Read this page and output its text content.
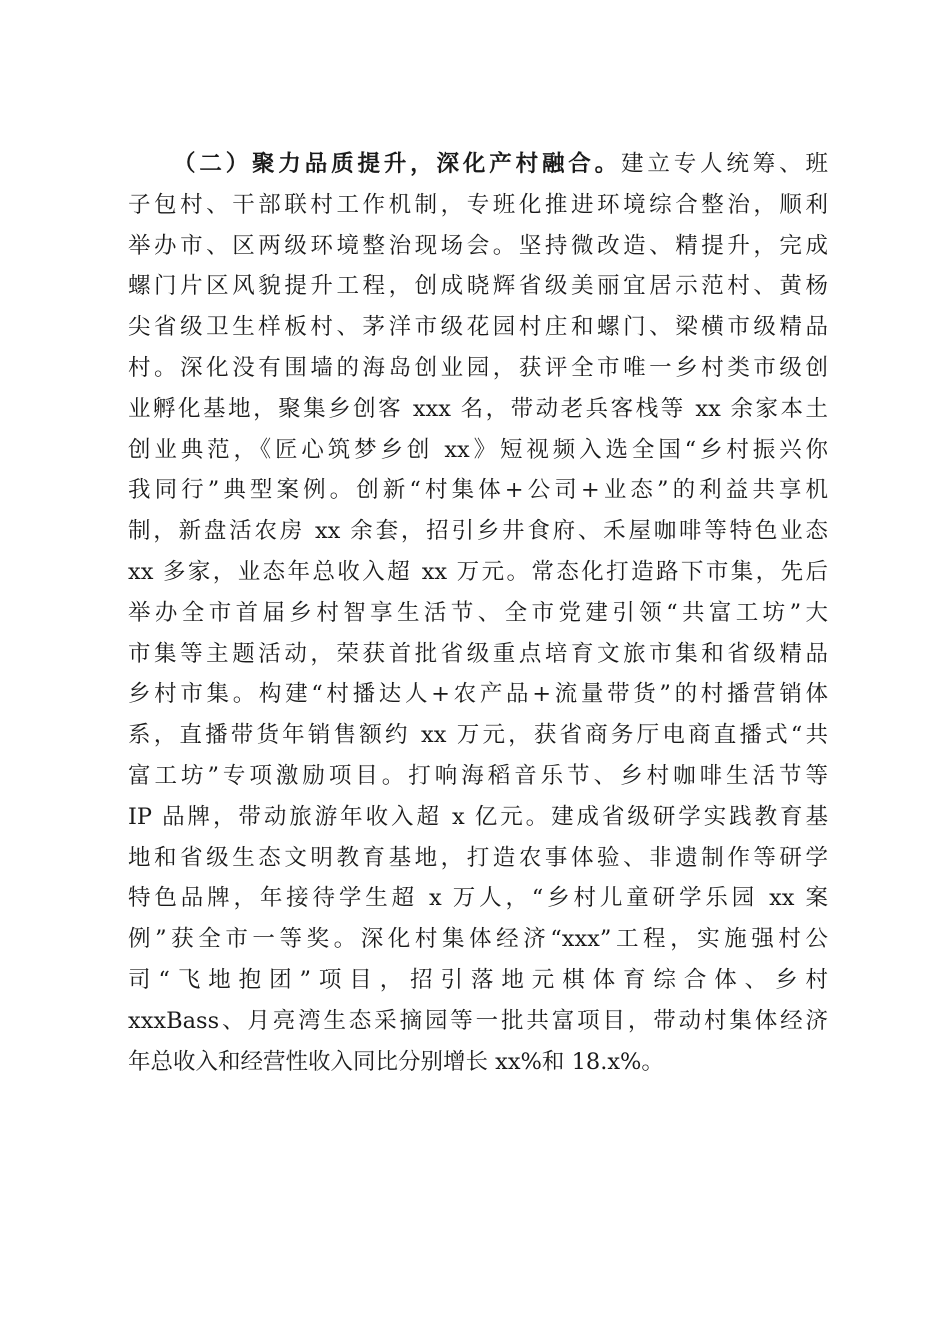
（二）聚力品质提升，深化产村融合。建立专人统筹、班
子包村、干部联村工作机制，专班化推进环境综合整治，顺利
举办市、区两级环境整治现场会。坚持微改造、精提升，完成
螺门片区风貌提升工程，创成晓辉省级美丽宜居示范村、黄杨
尖省级卫生样板村、茅洋市级花园村庄和螺门、梁横市级精品
村。深化没有围墙的海岛创业园，获评全市唯一乡村类市级创
业孵化基地，聚集乡创客 xxx 名，带动老兵客栈等 xx 余家本土
创业典范，《匠心筑梦乡创 xx》短视频入选全国“乡村振兴你
我同行”典型案例。创新“村集体+公司+业态”的利益共享机
制，新盘活农房 xx 余套，招引乡井食府、禾屋咖啡等特色业态
xx 多家，业态年总收入超 xx 万元。常态化打造路下市集，先后
举办全市首届乡村智享生活节、全市党建引领“共富工坊”大
市集等主题活动，荣获首批省级重点培育文旅市集和省级精品
乡村市集。构建“村播达人+农产品+流量带货”的村播营销体
系，直播带货年销售额约 xx 万元，获省商务厅电商直播式“共
富工坊”专项激励项目。打响海稻音乐节、乡村咖啡生活节等
IP 品牌，带动旅游年收入超 x 亿元。建成省级研学实践教育基
地和省级生态文明教育基地，打造农事体验、非遗制作等研学
特色品牌，年接待学生超 x 万人，“乡村儿童研学乐园 xx 案
例”获全市一等奖。深化村集体经济“xxx”工程，实施强村公
司“飞地抱团”项目，招引落地元棋体育综合体、乡村
xxxBass、月亮湾生态采摘园等一批共富项目，带动村集体经济
年总收入和经营性收入同比分别增长 xx%和 18.x%。
